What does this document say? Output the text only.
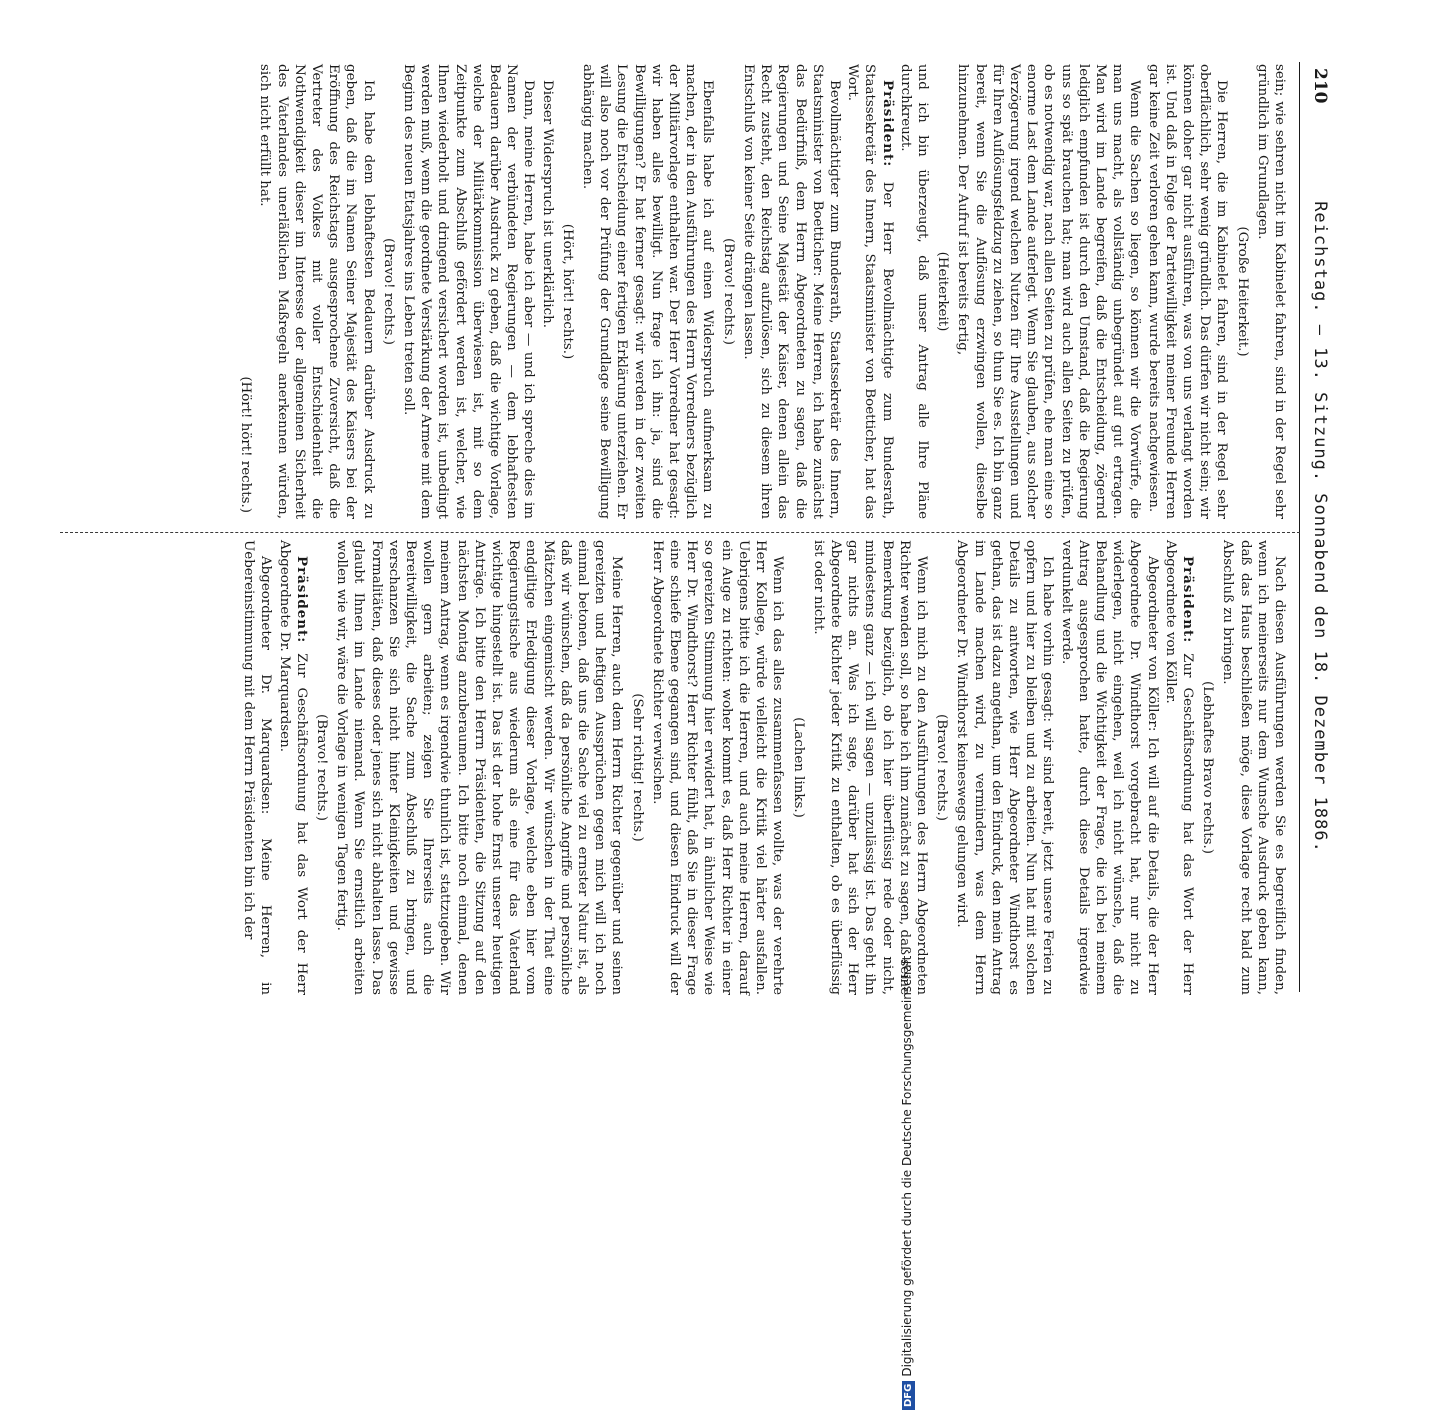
210
Reichstag. — 13. Sitzung. Sonnabend den 18. Dezember 1886.

sein; wie sehren nicht im Kabinelet fahren, sind in der Regel sehr gründlich im Grundlagen.

(Große Heiterkeit.)

Die Herren, die im Kabinelet fahren, sind in der Regel sehr oberflächlich, sehr wenig gründlich. Das dürfen wir nicht sein; wir können doher gar nicht ausführen, was von uns verlangt worden ist. Und daß in Folge der Parteiwilligkeit meiner Freunde Herren gar keine Zeit verloren gehen kann, wurde bereits nachgewiesen.

Wenn die Sachen so liegen, so können wir die Vorwürfe, die man uns macht, als vollständig unbegründet auf gut ertragen. Man wird im Lande begreifen, daß die Entscheidung, zögernd lediglich empfunden ist durch den Umstand, daß die Regierung uns so spät brauchen hat; man wird auch allen Seiten zu prüfen, ob es notwendig war, nach allen Seiten zu prüfen, ehe man eine so enorme Last dem Lande auferlegt. Wenn Sie glauben, aus solcher Verzögerung irgend welchen Nutzen für Ihre Ausstellungen und für Ihren Auflösungsfeldzug zu ziehen, so thun Sie es. Ich bin ganz bereit, wenn Sie die Auflösung erzwingen wollen, dieselbe hinzunehmen. Der Aufruf ist bereits fertig,

(Heiterkeit)

und ich bin überzeugt, daß unser Antrag alle Ihre Pläne durchkreuzt.

Präsident: Der Herr Bevollmächtigte zum Bundesrath, Staatssekretär des Innern, Staatsminister von Boetticher, hat das Wort.

Bevollmächtigter zum Bundesrath, Staatssekretär des Innern, Staatsminister von Boetticher: Meine Herren, ich habe zunächst das Bedürfniß, dem Herrn Abgeordneten zu sagen, daß die Regierungen und Seine Majestät der Kaiser, denen allein das Recht zusteht, den Reichstag aufzulösen, sich zu diesem ihren Entschluß von keiner Seite drängen lassen.

(Bravo! rechts.)

Ebenfalls habe ich auf einen Widerspruch aufmerksam zu machen, der in den Ausführungen des Herrn Vorredners bezüglich der Militärvorlage enthalten war. Der Herr Vorredner hat gesagt: wir haben alles bewilligt. Nun frage ich ihn: ja, sind die Bewilligungen? Er hat ferner gesagt: wir werden in der zweiten Lesung die Entscheidung einer fertigen Erklärung unterziehen. Er will also noch vor der Prüfung der Grundlage seine Bewilligung abhängig machen.

(Hört, hört! rechts.)

Dieser Widerspruch ist unerklärlich.

Dann, meine Herren, habe ich aber — und ich spreche dies im Namen der verbündeten Regierungen — dem lebhaftesten Bedauern darüber Ausdruck zu geben, daß die wichtige Vorlage, welche der Militärkommission überwiesen ist, mit so dem Zeitpunkte zum Abschluß gefördert werden ist, welcher, wie Ihnen wiederholt und dringend versichert worden ist, unbedingt werden muß, wenn die geordnete Verstärkung der Armee mit dem Beginn des neuen Etatsjahres ins Leben treten soll.

(Bravo! rechts.)

Ich habe dem lebhaftesten Bedauern darüber Ausdruck zu geben, daß die im Namen Seiner Majestät des Kaisers bei der Eröffnung des Reichstags ausgesprochene Zuversicht, daß die Vertreter des Volkes mit voller Entschiedenheit die Nothwendigkeit dieser im Interesse der allgemeinen Sicherheit des Vaterlandes unerläßlichen Maßregeln anerkennen würden, sich nicht erfüllt hat.

(Hört! hört! rechts.)

Nach diesen Ausführungen werden Sie es begreiflich finden, wenn ich meinerseits nur dem Wunsche Ausdruck geben kann, daß das Haus beschließen möge, diese Vorlage recht bald zum Abschluß zu bringen.

(Lebhaftes Bravo rechts.)

Präsident: Zur Geschäftsordnung hat das Wort der Herr Abgeordnete von Köller.

Abgeordneter von Köller: Ich will auf die Details, die der Herr Abgeordnete Dr. Windthorst vorgebracht hat, nur nicht zu widerlegen, nicht eingehen, weil ich nicht wünsche, daß die Behandlung und die Wichtigkeit der Frage, die ich bei meinem Antrag ausgesprochen hatte, durch diese Details irgendwie verdunkelt werde.

Ich habe vorhin gesagt: wir sind bereit, jetzt unsere Ferien zu opfern und hier zu bleiben und zu arbeiten. Nun hat mit solchen Details zu antworten, wie Herr Abgeordneter Windthorst es gethan, das ist dazu angethan, um den Eindruck, den mein Antrag im Lande machen wird, zu vermindern, was dem Herrn Abgeordneter Dr. Windthorst keineswegs gelungen wird.

(Bravo! rechts.)

Wenn ich mich zu den Ausführungen des Herrn Abgeordneten Richter wenden soll, so habe ich ihm zunächst zu sagen, daß seine Bemerkung bezüglich, ob ich hier überflüssig rede oder nicht, mindestens ganz — ich will sagen — unzulässig ist. Das geht ihn gar nichts an. Was ich sage, darüber hat sich der Herr Abgeordnete Richter jeder Kritik zu enthalten, ob es überflüssig ist oder nicht.

(Lachen links.)

Wenn ich das alles zusammenfassen wollte, was der verehrte Herr Kollege, würde vielleicht die Kritik viel härter ausfallen. Uebrigens bitte ich die Herren, und auch meine Herren, darauf ein Auge zu richten: woher kommt es, daß Herr Richter in einer so gereizten Stimmung hier erwidert hat, in ähnlicher Weise wie Herr Dr. Windthorst? Herr Richter fühlt, daß Sie in dieser Frage eine schiefe Ebene gegangen sind, und diesen Eindruck will der Herr Abgeordnete Richter verwischen.

(Sehr richtig! rechts.)

Meine Herren, auch dem Herrn Richter gegenüber und seinen gereizten und heftigen Aussprüchen gegen mich will ich noch einmal betonen, daß uns die Sache viel zu ernster Natur ist, als daß wir wünschen, daß da persönliche Angriffe und persönliche Mätzchen eingemischt werden. Wir wünschen in der That eine endgiltige Erledigung dieser Vorlage, welche eben hier vom Regierungstische aus wiederum als eine für das Vaterland wichtige hingestellt ist. Das ist der hohe Ernst unserer heutigen Anträge. Ich bitte den Herrn Präsidenten, die Sitzung auf den nächsten Montag anzuberaumen. Ich bitte noch einmal, denen meinem Antrag, wenn es irgendwie thunlich ist, stattzugeben. Wir wollen gern arbeiten; zeigen Sie Ihrerseits auch die Bereitwilligkeit, die Sache zum Abschluß zu bringen, und verschanzen Sie sich nicht hinter Kleinigkeiten und gewisse Formalitäten, daß dieses oder jenes sich nicht abhalten lasse. Das glaubt Ihnen im Lande niemand. Wenn Sie ernstlich arbeiten wollen wie wir, wäre die Vorlage in wenigen Tagen fertig.

(Bravo! rechts.)

Präsident: Zur Geschäftsordnung hat das Wort der Herr Abgeordnete Dr. Marquardsen.

Abgeordneter Dr. Marquardsen: Meine Herren, in Uebereinstimmung mit dem Herrn Präsidenten bin ich der

DFGDigitalisierung gefördert durch die Deutsche Forschungsgemeinschaft
